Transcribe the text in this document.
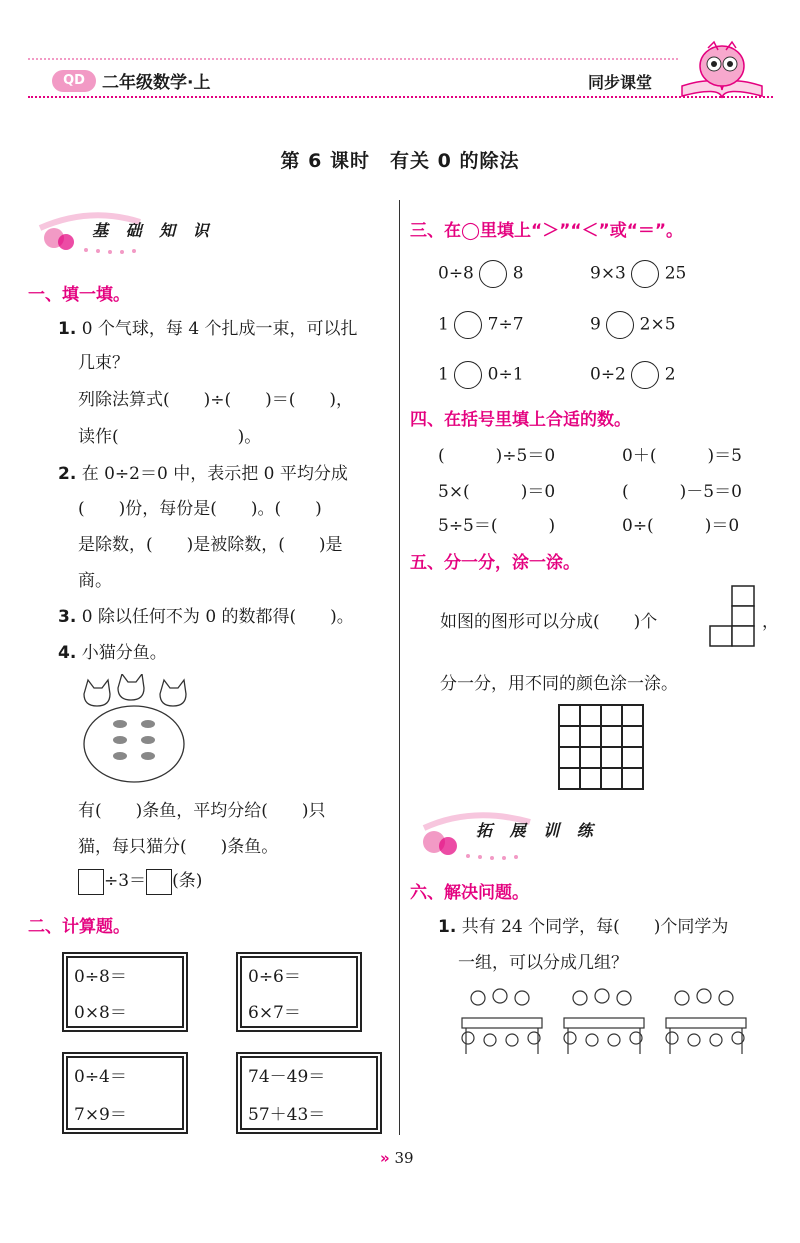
QD	二年级数学·上	同步课堂
第 6 课时　有关 0 的除法
基 础 知 识
一、填一填。
1. 0 个气球，每 4 个扎成一束，可以扎
几束？
列除法算式(　　)÷(　　)＝(　　)，
读作(　　　　　　　)。
2. 在 0÷2＝0 中，表示把 0 平均分成
(　　)份，每份是(　　)。(　　)
是除数，(　　)是被除数，(　　)是
商。
3. 0 除以任何不为 0 的数都得(　　)。
4. 小猫分鱼。
有(　　)条鱼，平均分给(　　)只
猫，每只猫分(　　)条鱼。
÷3＝ (条)
二、计算题。
0÷8＝
0×8＝
0÷6＝
6×7＝
0÷4＝
7×9＝
74－49＝
57＋43＝
三、在◯里填上“＞”“＜”或“＝”。
0÷8 8	9×3 25
1 7÷7	9 2×5
1 0÷1	0÷2 2
四、在括号里填上合适的数。
(　　　)÷5＝0	0＋(　　　)＝5
5×(　　　)＝0	(　　　)－5＝0
5÷5＝(　　　)	0÷(　　　)＝0
五、分一分，涂一涂。
如图的图形可以分成(　　)个	，
分一分，用不同的颜色涂一涂。
拓 展 训 练
六、解决问题。
1. 共有 24 个同学，每(　　)个同学为
一组，可以分成几组？
» 39
